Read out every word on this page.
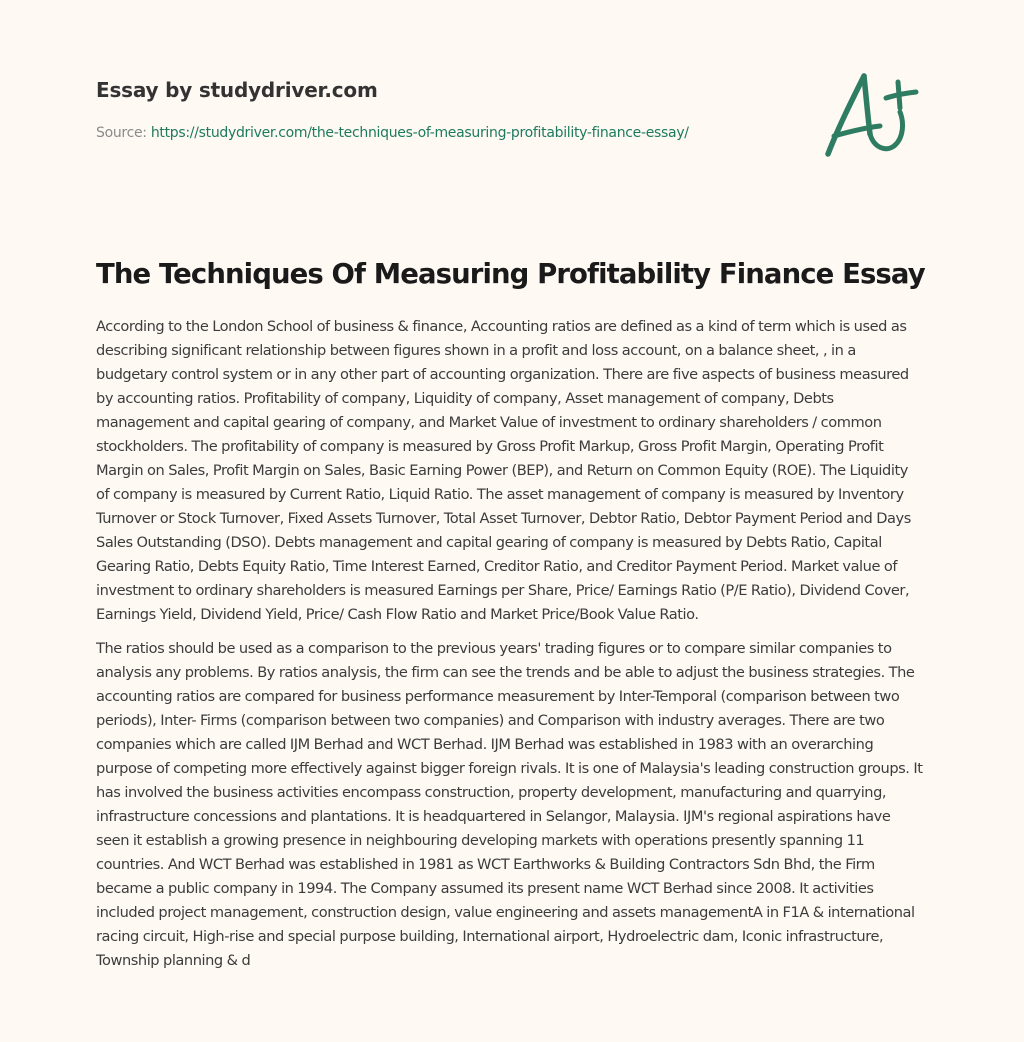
Essay by studydriver.com
Source: https://studydriver.com/the-techniques-of-measuring-profitability-finance-essay/
The Techniques Of Measuring Profitability Finance Essay

According to the London School of business & finance, Accounting ratios are defined as a kind of term which is used as describing significant relationship between figures shown in a profit and loss account, on a balance sheet, , in a budgetary control system or in any other part of accounting organization. There are five aspects of business measured by accounting ratios. Profitability of company, Liquidity of company, Asset management of company, Debts management and capital gearing of company, and Market Value of investment to ordinary shareholders / common stockholders. The profitability of company is measured by Gross Profit Markup, Gross Profit Margin, Operating Profit Margin on Sales, Profit Margin on Sales, Basic Earning Power (BEP), and Return on Common Equity (ROE). The Liquidity of company is measured by Current Ratio, Liquid Ratio. The asset management of company is measured by Inventory Turnover or Stock Turnover, Fixed Assets Turnover, Total Asset Turnover, Debtor Ratio, Debtor Payment Period and Days Sales Outstanding (DSO). Debts management and capital gearing of company is measured by Debts Ratio, Capital Gearing Ratio, Debts Equity Ratio, Time Interest Earned, Creditor Ratio, and Creditor Payment Period. Market value of investment to ordinary shareholders is measured Earnings per Share, Price/ Earnings Ratio (P/E Ratio), Dividend Cover, Earnings Yield, Dividend Yield, Price/ Cash Flow Ratio and Market Price/Book Value Ratio.

The ratios should be used as a comparison to the previous years' trading figures or to compare similar companies to analysis any problems. By ratios analysis, the firm can see the trends and be able to adjust the business strategies. The accounting ratios are compared for business performance measurement by Inter-Temporal (comparison between two periods), Inter- Firms (comparison between two companies) and Comparison with industry averages. There are two companies which are called IJM Berhad and WCT Berhad. IJM Berhad was established in 1983 with an overarching purpose of competing more effectively against bigger foreign rivals. It is one of Malaysia's leading construction groups. It has involved the business activities encompass construction, property development, manufacturing and quarrying, infrastructure concessions and plantations. It is headquartered in Selangor, Malaysia. IJM's regional aspirations have seen it establish a growing presence in neighbouring developing markets with operations presently spanning 11 countries. And WCT Berhad was established in 1981 as WCT Earthworks & Building Contractors Sdn Bhd, the Firm became a public company in 1994. The Company assumed its present name WCT Berhad since 2008. It activities included project management, construction design, value engineering and assets managementA in F1A & international racing circuit, High-rise and special purpose building, International airport, Hydroelectric dam, Iconic infrastructure, Township planning & d
